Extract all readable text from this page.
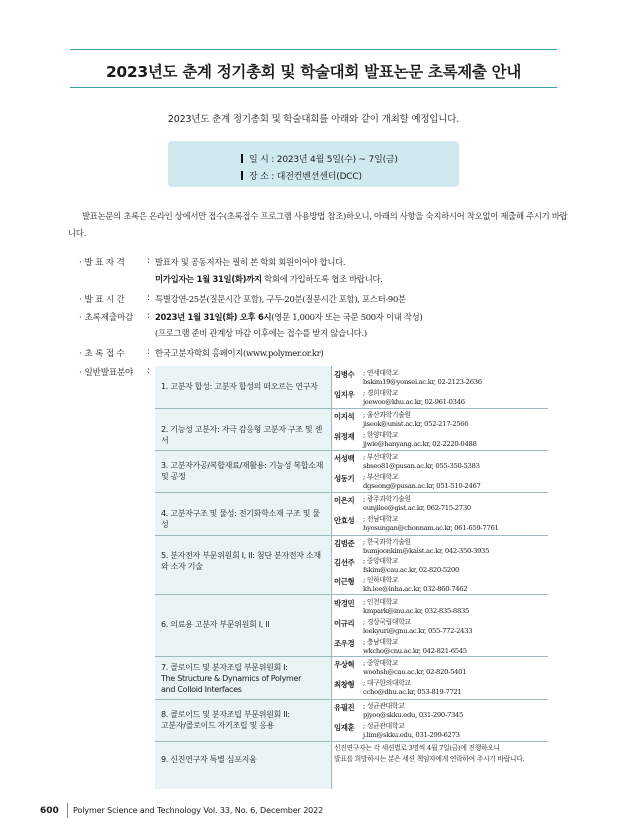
2023년도 춘계 정기총회 및 학술대회 발표논문 초록제출 안내
2023년도 춘계 정기총회 및 학술대회를 아래와 같이 개최할 예정입니다.
일 시 : 2023년 4월 5일(수) ~ 7일(금)
장 소 : 대전컨벤션센터(DCC)
발표논문의 초록은 온라인 상에서만 접수(초록접수 프로그램 사용방법 참조)하오니, 아래의 사항을 숙지하시어 착오없이 제출해 주시기 바랍니다.
· 발 표 자 격	: 발표자 및 공동저자는 필히 본 학회 회원이어야 합니다.
미가입자는 1월 31일(화)까지 학회에 가입하도록 협조 바랍니다.
· 발 표 시 간	: 특별강연-25분(질문시간 포함), 구두-20분(질문시간 포함), 포스터-90분
· 초록제출마감 : 2023년 1월 31일(화) 오후 6시(영문 1,000자 또는 국문 500자 이내 작성)
(프로그램 준비 관계상 마감 이후에는 접수를 받지 않습니다.)
· 초 록 접 수	: 한국고분자학회 홈페이지(www.polymer.or.kr)
· 일반발표분야 :
1. 고분자 합성: 고분자 합성의 떠오르는 연구자
김병수	; 연세대학교
bskim19@yonsei.ac.kr, 02-2123-2636
임지우	; 경희대학교
jeewoo@khu.ac.kr, 02-961-0346
2. 기능성 고분자: 자극 감응형 고분자 구조 및 센서
이지석	; 울산과학기술원
jiseok@unist.ac.kr, 052-217-2566
위정재	; 한양대학교
jjwie@hanyang.ac.kr, 02-2220-0488
3. 고분자가공/복합재료/재활용: 기능성 복합소재 및 공정
서성백	; 부산대학교
sbseo81@pusan.ac.kr, 055-350-5383
성동기	; 부산대학교
dgseong@pusan.ac.kr, 051-510-2467
4. 고분자구조 및 물성: 전기화학소재 구조 및 물성
이은지	; 광주과학기술원
eunjilee@gist.ac.kr, 062-715-2730
안효성	; 전남대학교
hyosungan@chonnam.ac.kr, 061-659-7761
5. 분자전자 부문위원회 I, II: 첨단 분자전자 소재와 소자 기술
김범준	; 한국과학기술원
bumjoonkim@kaist.ac.kr, 042-350-3935
김선주	; 중앙대학교
fskim@cau.ac.kr, 02-820-5200
이근형	; 인하대학교
kh.lee@inha.ac.kr, 032-860-7462
6. 의료용 고분자 부문위원회 I, II
박경민	; 인천대학교
kmpark@inu.ac.kr, 032-835-8835
이규리	; 경상국립대학교
leekyuri@gnu.ac.kr, 055-772-2433
조우경	; 충남대학교
wkcho@cnu.ac.kr, 042-821-6545
7. 콜로이드 및 분자조립 부문위원회 I:
The Structure & Dynamics of Polymer
and Colloid Interfaces
우상혁	; 중앙대학교
woohsh@cau.ac.kr, 02-820-5401
최창형	; 대구한의대학교
ccho@dhu.ac.kr, 053-819-7721
8. 콜로이드 및 분자조립 부문위원회 II:
고분자/콜로이드 자기조립 및 응용
유필진	; 성균관대학교
pjyoo@skku.edu, 031-290-7345
임재훈	; 성균관대학교
j.lim@skku.edu, 031-299-6273
9. 신진연구자 특별 심포지움
신진연구자는 각 세션별로 3명씩 4월 7일(금)에 진행하오니
발표를 희망하시는 분은 세션 책임자에게 연락하여 주시기 바랍니다.
600 Polymer Science and Technology Vol. 33, No. 6, December 2022
